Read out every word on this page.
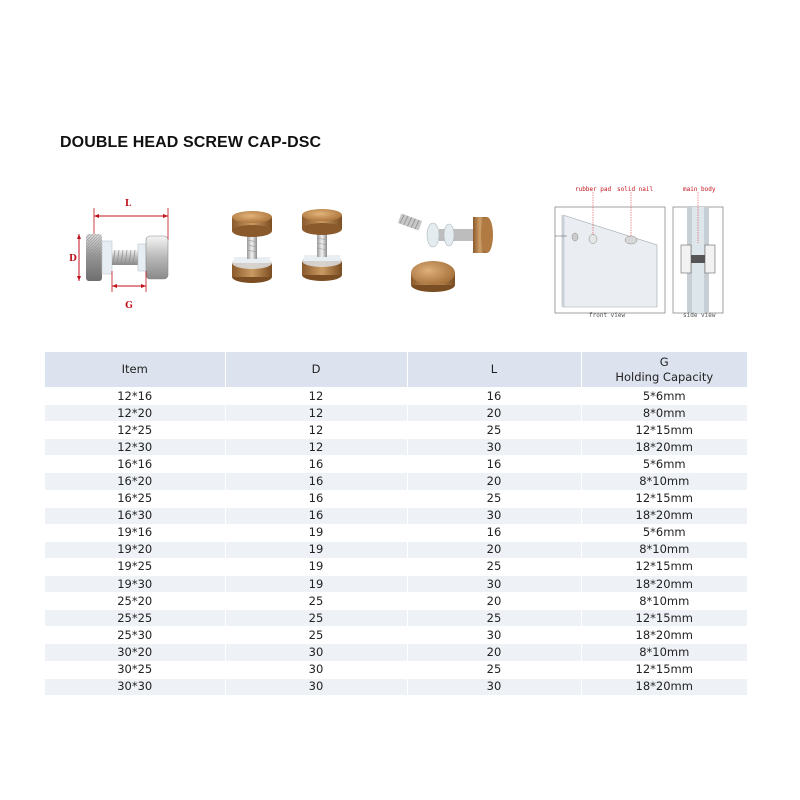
DOUBLE HEAD SCREW CAP-DSC
L
D
G
rubber pad solid nail
front view
main body
side view
Item	D	L	G
Holding Capacity

12*16	12	16	5*6mm
12*20	12	20	8*0mm
12*25	12	25	12*15mm
12*30	12	30	18*20mm
16*16	16	16	5*6mm
16*20	16	20	8*10mm
16*25	16	25	12*15mm
16*30	16	30	18*20mm
19*16	19	16	5*6mm
19*20	19	20	8*10mm
19*25	19	25	12*15mm
19*30	19	30	18*20mm
25*20	25	20	8*10mm
25*25	25	25	12*15mm
25*30	25	30	18*20mm
30*20	30	20	8*10mm
30*25	30	25	12*15mm
30*30	30	30	18*20mm
